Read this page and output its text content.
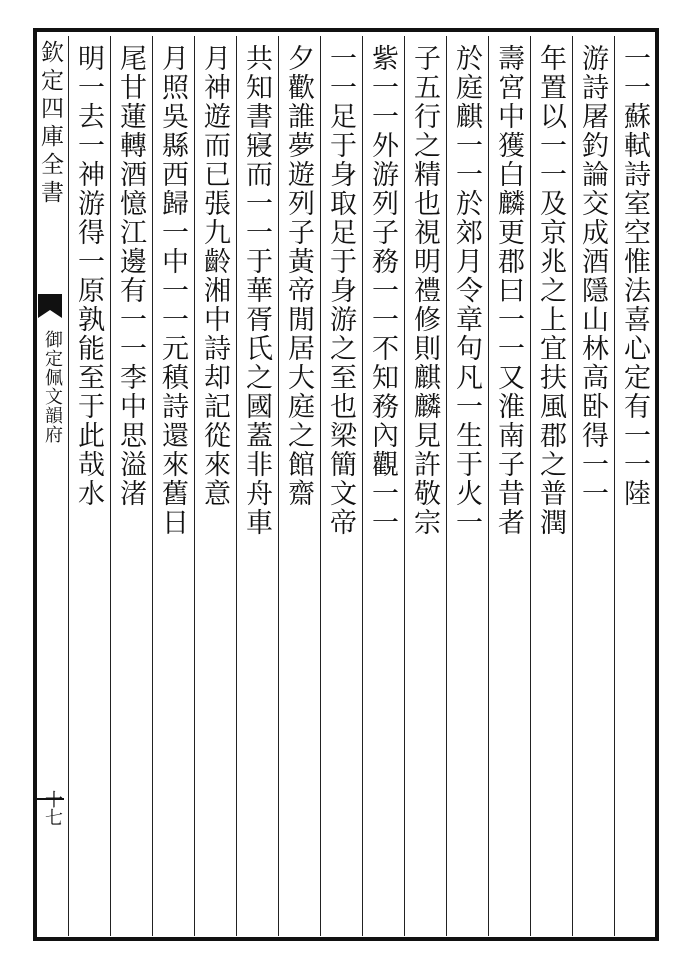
欽定四庫全書
御定佩文韻府
十七
一一蘇軾詩室空惟法喜心定有一一陸
游詩屠釣論交成酒隱山林高卧得一一
年置以一一及京兆之上宜扶風郡之普潤
壽宮中獲白麟更郡曰一一又淮南子昔者
於庭麒一一於郊月令章句凡一生于火一
子五行之精也視明禮修則麒麟見許敬宗
紫一一外游列子務一一不知務內觀一一
一一足于身取足于身游之至也梁簡文帝
夕歡誰夢遊列子黃帝閒居大庭之館齋
共知書寢而一一于華胥氏之國蓋非舟車
月神遊而已張九齡湘中詩却記從來意
月照吳縣西歸一中一一元稹詩還來舊日
尾甘蓮轉酒憶江邊有一一李中思溢渚
明一去一神游得一原孰能至于此哉水
